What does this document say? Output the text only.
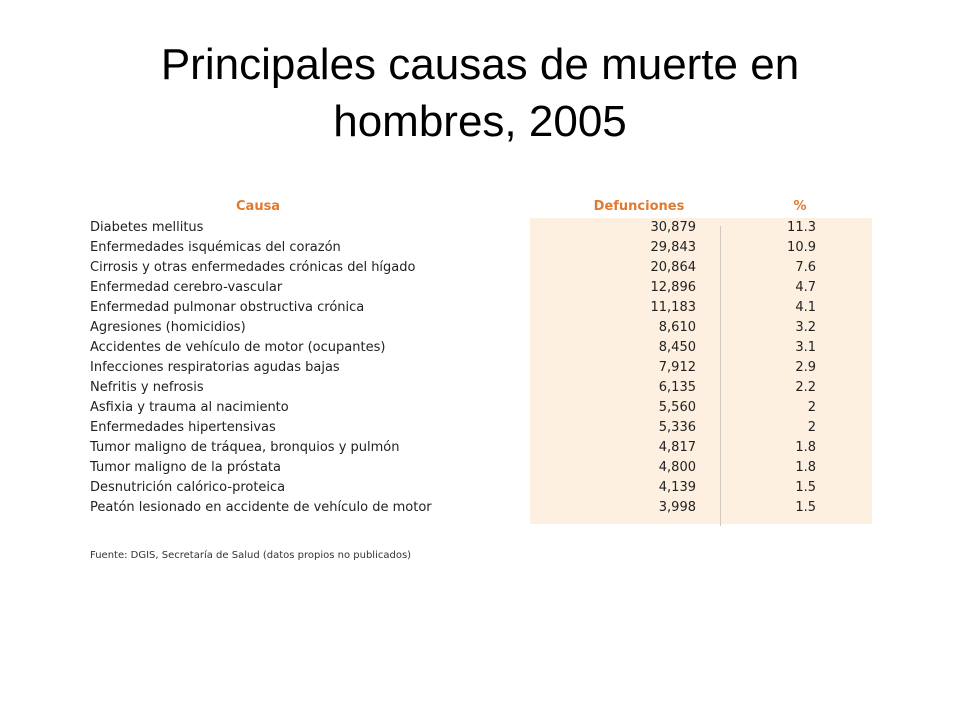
Principales causas de muerte en
hombres, 2005
Causa	Defunciones	%
Diabetes mellitus	30,879	11.3
Enfermedades isquémicas del corazón	29,843	10.9
Cirrosis y otras enfermedades crónicas del hígado	20,864	7.6
Enfermedad cerebro-vascular	12,896	4.7
Enfermedad pulmonar obstructiva crónica	11,183	4.1
Agresiones (homicidios)	8,610	3.2
Accidentes de vehículo de motor (ocupantes)	8,450	3.1
Infecciones respiratorias agudas bajas	7,912	2.9
Nefritis y nefrosis	6,135	2.2
Asfixia y trauma al nacimiento	5,560	2
Enfermedades hipertensivas	5,336	2
Tumor maligno de tráquea, bronquios y pulmón	4,817	1.8
Tumor maligno de la próstata	4,800	1.8
Desnutrición calórico-proteica	4,139	1.5
Peatón lesionado en accidente de vehículo de motor	3,998	1.5
Fuente: DGIS, Secretaría de Salud (datos propios no publicados)
